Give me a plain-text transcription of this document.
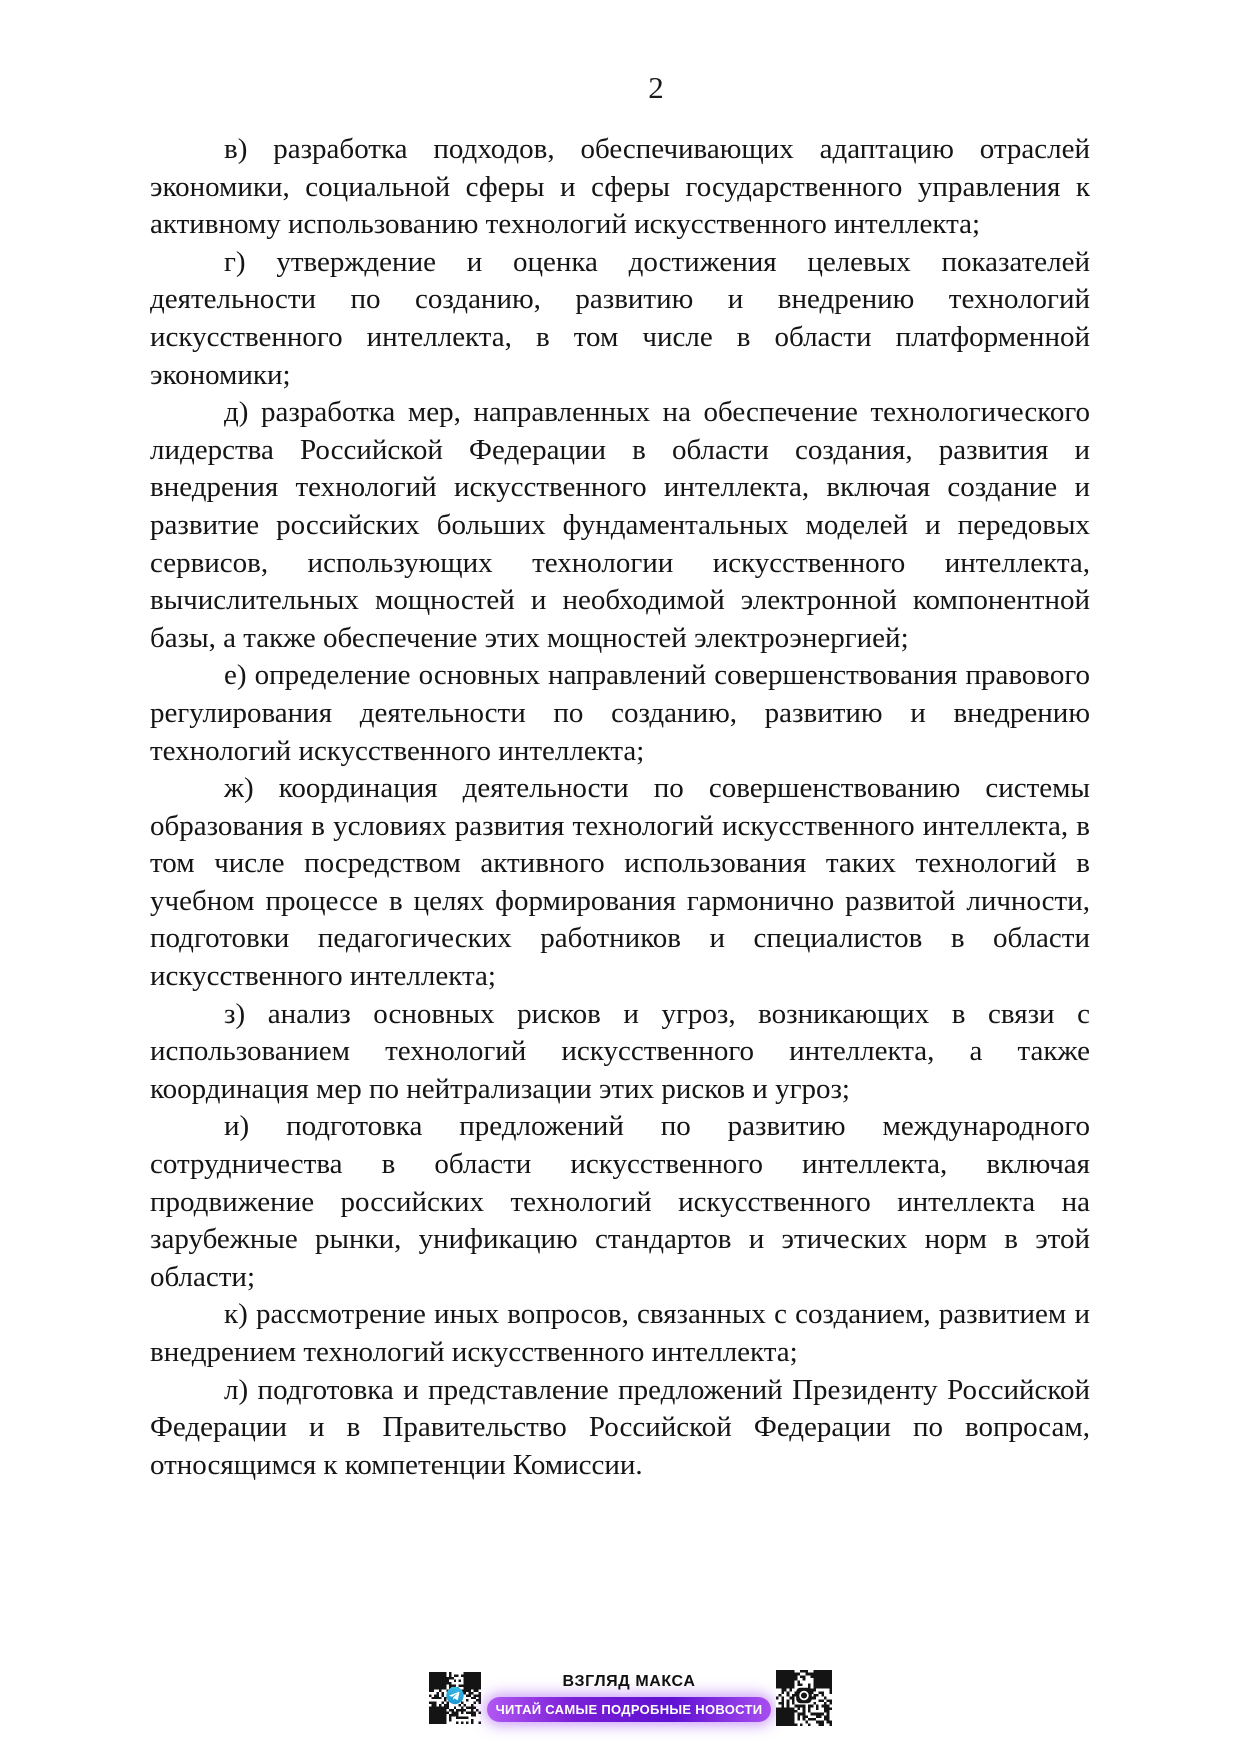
2

в) разработка подходов, обеспечивающих адаптацию отраслей экономики, социальной сферы и сферы государственного управления к активному использованию технологий искусственного интеллекта;

г) утверждение и оценка достижения целевых показателей деятельности по созданию, развитию и внедрению технологий искусственного интеллекта, в том числе в области платформенной экономики;

д) разработка мер, направленных на обеспечение технологического лидерства Российской Федерации в области создания, развития и внедрения технологий искусственного интеллекта, включая создание и развитие российских больших фундаментальных моделей и передовых сервисов, использующих технологии искусственного интеллекта, вычислительных мощностей и необходимой электронной компонентной базы, а также обеспечение этих мощностей электроэнергией;

е) определение основных направлений совершенствования правового регулирования деятельности по созданию, развитию и внедрению технологий искусственного интеллекта;

ж) координация деятельности по совершенствованию системы образования в условиях развития технологий искусственного интеллекта, в том числе посредством активного использования таких технологий в учебном процессе в целях формирования гармонично развитой личности, подготовки педагогических работников и специалистов в области искусственного интеллекта;

з) анализ основных рисков и угроз, возникающих в связи с использованием технологий искусственного интеллекта, а также координация мер по нейтрализации этих рисков и угроз;

и) подготовка предложений по развитию международного сотрудничества в области искусственного интеллекта, включая продвижение российских технологий искусственного интеллекта на зарубежные рынки, унификацию стандартов и этических норм в этой области;

к) рассмотрение иных вопросов, связанных с созданием, развитием и внедрением технологий искусственного интеллекта;

л) подготовка и представление предложений Президенту Российской Федерации и в Правительство Российской Федерации по вопросам, относящимся к компетенции Комиссии.

ВЗГЛЯД МАКСА
ЧИТАЙ САМЫЕ ПОДРОБНЫЕ НОВОСТИ
